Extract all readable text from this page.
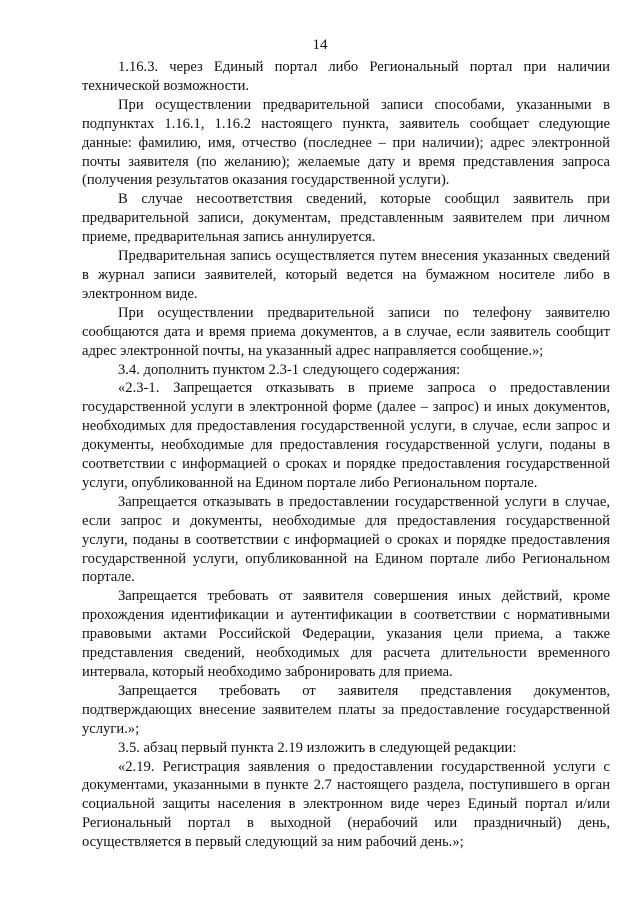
14

1.16.3. через Единый портал либо Региональный портал при наличии технической возможности.

При осуществлении предварительной записи способами, указанными в подпунктах 1.16.1, 1.16.2 настоящего пункта, заявитель сообщает следующие данные: фамилию, имя, отчество (последнее – при наличии); адрес электронной почты заявителя (по желанию); желаемые дату и время представления запроса (получения результатов оказания государственной услуги).

В случае несоответствия сведений, которые сообщил заявитель при предварительной записи, документам, представленным заявителем при личном приеме, предварительная запись аннулируется.

Предварительная запись осуществляется путем внесения указанных сведений в журнал записи заявителей, который ведется на бумажном носителе либо в электронном виде.

При осуществлении предварительной записи по телефону заявителю сообщаются дата и время приема документов, а в случае, если заявитель сообщит адрес электронной почты, на указанный адрес направляется сообщение.»;

3.4. дополнить пунктом 2.3-1 следующего содержания:

«2.3-1. Запрещается отказывать в приеме запроса о предоставлении государственной услуги в электронной форме (далее – запрос) и иных документов, необходимых для предоставления государственной услуги, в случае, если запрос и документы, необходимые для предоставления государственной услуги, поданы в соответствии с информацией о сроках и порядке предоставления государственной услуги, опубликованной на Едином портале либо Региональном портале.

Запрещается отказывать в предоставлении государственной услуги в случае, если запрос и документы, необходимые для предоставления государственной услуги, поданы в соответствии с информацией о сроках и порядке предоставления государственной услуги, опубликованной на Едином портале либо Региональном портале.

Запрещается требовать от заявителя совершения иных действий, кроме прохождения идентификации и аутентификации в соответствии с нормативными правовыми актами Российской Федерации, указания цели приема, а также представления сведений, необходимых для расчета длительности временного интервала, который необходимо забронировать для приема.

Запрещается требовать от заявителя представления документов, подтверждающих внесение заявителем платы за предоставление государственной услуги.»;

3.5. абзац первый пункта 2.19 изложить в следующей редакции:

«2.19. Регистрация заявления о предоставлении государственной услуги с документами, указанными в пункте 2.7 настоящего раздела, поступившего в орган социальной защиты населения в электронном виде через Единый портал и/или Региональный портал в выходной (нерабочий или праздничный) день, осуществляется в первый следующий за ним рабочий день.»;
